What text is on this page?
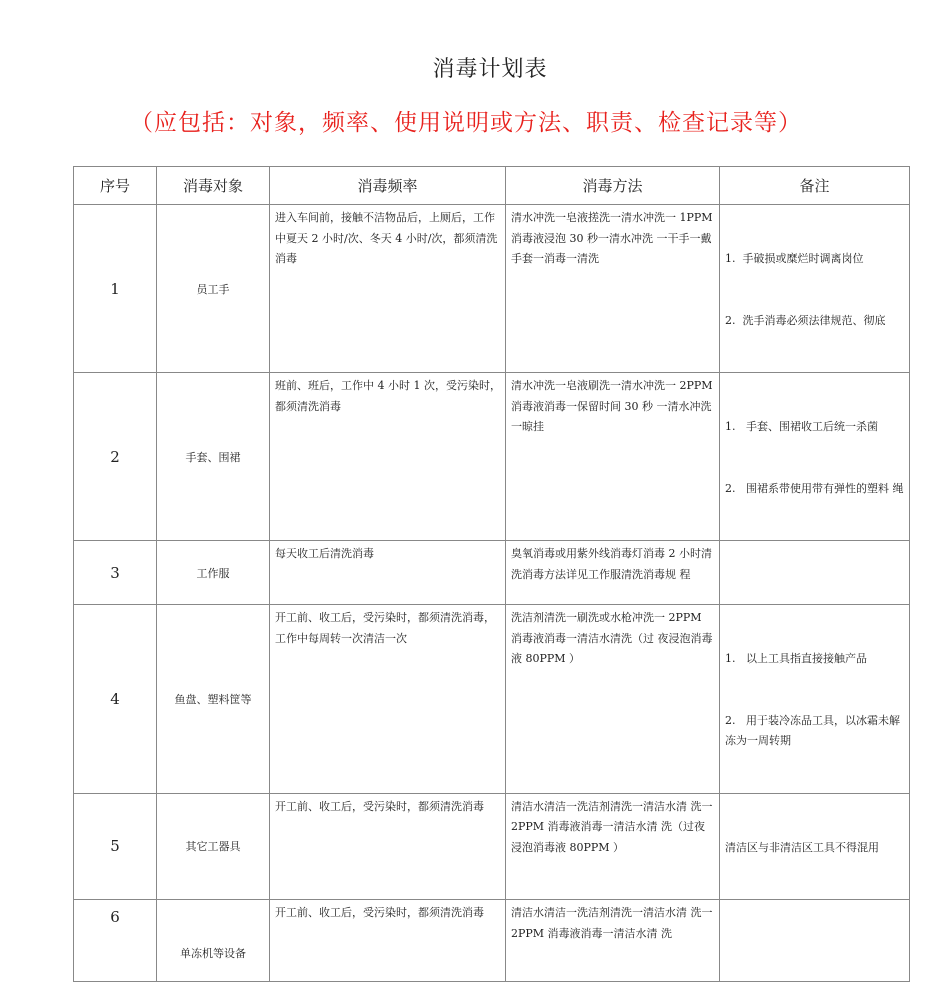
消毒计划表
（应包括：对象，频率、使用说明或方法、职责、检查记录等）
序号	消毒对象	消毒频率	消毒方法	备注
1	员工手	进入车间前，接触不洁物品后，上厕后，工作中夏天 2 小时/次、冬天 4 小时/次，都须清洗消毒	清水冲洗一皂液搓洗一清水冲洗一 1PPM 消毒液浸泡 30 秒一清水冲洗 一干手一戴手套一消毒一清洗	1.  手破损或糜烂时调离岗位

2.  洗手消毒必须法律规范、彻底

2	手套、围裙	班前、班后，工作中 4 小时 1 次，受污染时，都须清洗消毒	清水冲洗一皂液刷洗一清水冲洗一 2PPM 消毒液消毒一保留时间 30 秒 一清水冲洗一晾挂	1.   手套、围裙收工后统一杀菌

2.   围裙系带使用带有弹性的塑料 绳

3	工作服	每天收工后清洗消毒	臭氧消毒或用紫外线消毒灯消毒 2 小时清洗消毒方法详见工作服清洗消毒规 程	
4	鱼盘、塑料筐等	开工前、收工后，受污染时，都须清洗消毒，工作中每周转一次清洁一次	洗洁剂清洗一刷洗或水枪冲洗一 2PPM 消毒液消毒一清洁水清洗（过 夜浸泡消毒液 80PPM ）	1.   以上工具指直接接触产品

2.   用于装冷冻品工具，以冰霜未解冻为一周转期

5	其它工器具	开工前、收工后，受污染时，都须清洗消毒	清洁水清洁一洗洁剂清洗一清洁水清 洗一 2PPM 消毒液消毒一清洁水清 洗（过夜浸泡消毒液 80PPM ）	清洁区与非清洁区工具不得混用

6	单冻机等设备	开工前、收工后，受污染时，都须清洗消毒	清洁水清洁一洗洁剂清洗一清洁水清 洗一 2PPM 消毒液消毒一清洁水清 洗	
